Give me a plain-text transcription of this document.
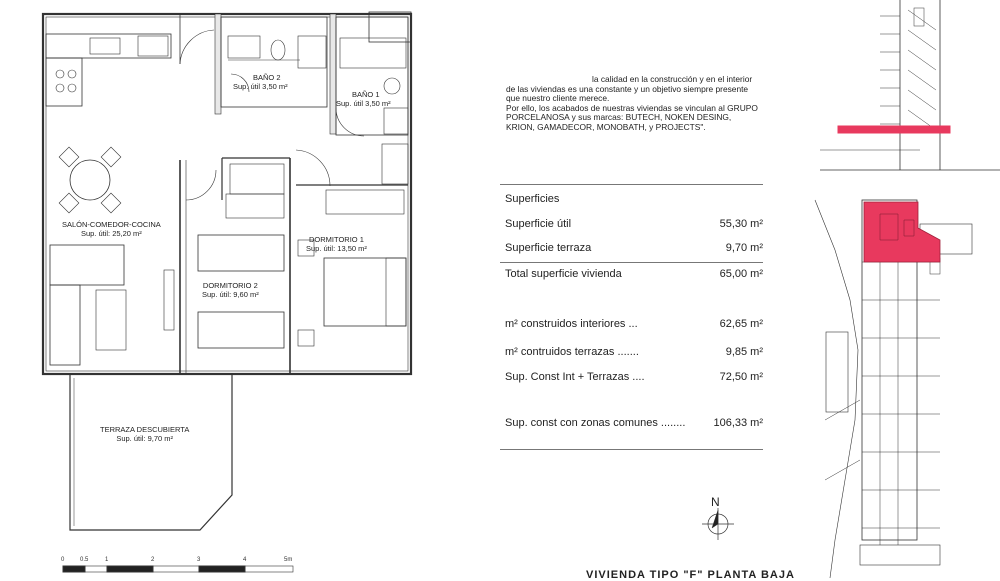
BAÑO 2
Sup. útil 3,50 m²
BAÑO 1
Sup. útil 3,50 m²
SALÓN-COMEDOR-COCINA
Sup. útil: 25,20 m²
DORMITORIO 1
Sup. útil: 13,50 m²
DORMITORIO 2
Sup. útil: 9,60 m²
TERRAZA DESCUBIERTA
Sup. útil: 9,70 m²

la calidad en la construcción y en el interior de las viviendas es una constante y un objetivo siempre presente que nuestro cliente merece.

Por ello, los acabados de nuestras viviendas se vinculan al GRUPO PORCELANOSA y sus marcas: BUTECH, NOKEN DESING, KRION, GAMADECOR, MONOBATH, y PROJECTS".

Superficies
Superficie útil	55,30 m²
Superficie terraza	9,70 m²
Total superficie vivienda	65,00 m²
m² construidos interiores ...	62,65 m²
m² contruidos terrazas .......	9,85 m²
Sup. Const Int + Terrazas ....	72,50 m²
Sup. const con zonas comunes ........	106,33 m²
N
0	0.5	1	2	3	4	5m
VIVIENDA TIPO "F" PLANTA BAJA
